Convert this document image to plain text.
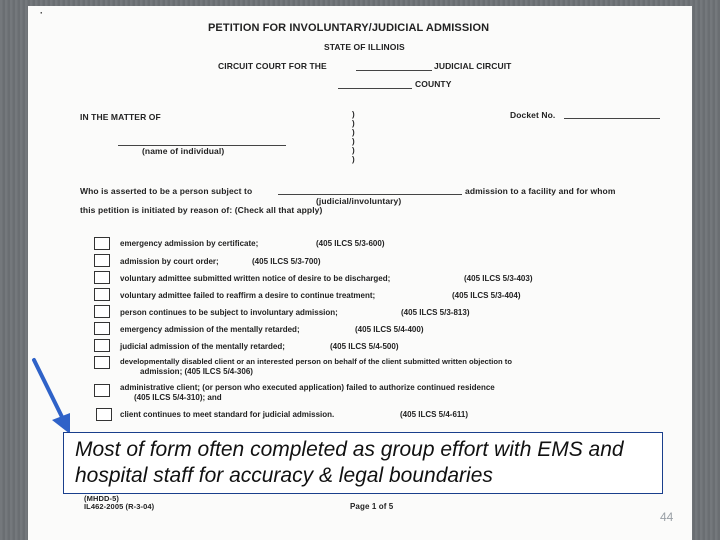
·
PETITION FOR INVOLUNTARY/JUDICIAL ADMISSION
STATE OF ILLINOIS
CIRCUIT COURT FOR THE	JUDICIAL CIRCUIT
COUNTY
IN THE MATTER OF	)
)
)
)
)
)
Docket No.
(name of individual)
Who is asserted to be a person subject to	admission to a facility and for whom
(judicial/involuntary)
this petition is initiated by reason of: (Check all that apply)
emergency admission by certificate;	(405 ILCS 5/3-600)
admission by court order;	(405 ILCS 5/3-700)
voluntary admittee submitted written notice of desire to be discharged;	(405 ILCS 5/3-403)
voluntary admittee failed to reaffirm a desire to continue treatment;	(405 ILCS 5/3-404)
person continues to be subject to involuntary admission;	(405 ILCS 5/3-813)
emergency admission of the mentally retarded;	(405 ILCS 5/4-400)
judicial admission of the mentally retarded;	(405 ILCS 5/4-500)
developmentally disabled client or an interested person on behalf of the client submitted written objection to
admission; (405 ILCS 5/4-306)
administrative client; (or person who executed application) failed to authorize continued residence
(405 ILCS 5/4-310); and
client continues to meet standard for judicial admission.	(405 ILCS 5/4-611)
(MHDD-5)
IL462-2005 (R-3-04)	Page 1 of 5
Most of form often completed as group effort with EMS and hospital staff for accuracy & legal boundaries
44
